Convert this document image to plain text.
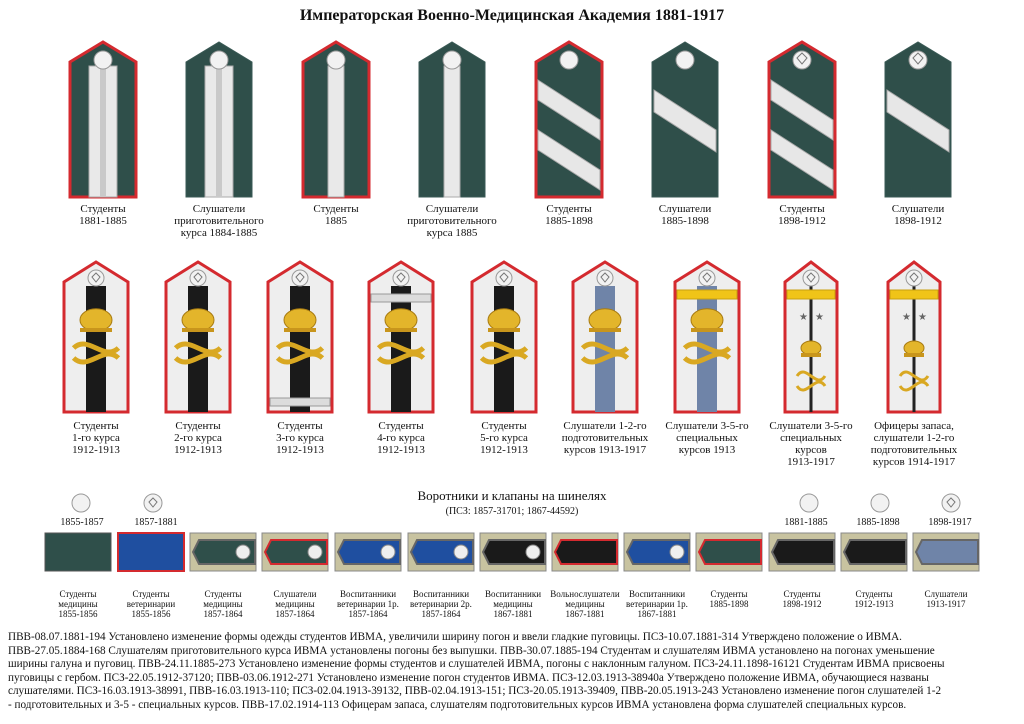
Императорская Военно-Медицинская Академия 1881-1917
Студенты
1881-1885
Слушатели
приготовительного
курса 1884-1885
Студенты
1885
Слушатели
приготовительного
курса 1885
Студенты
1885-1898
Слушатели
1885-1898
Студенты
1898-1912
Слушатели
1898-1912
Студенты
1-го курса
1912-1913
Студенты
2-го курса
1912-1913
Студенты
3-го курса
1912-1913
Студенты
4-го курса
1912-1913
Студенты
5-го курса
1912-1913
Слушатели 1-2-го
подготовительных
курсов 1913-1917
Слушатели 3-5-го
специальных
курсов 1913
★ ★
Слушатели 3-5-го
специальных
курсов
1913-1917
★ ★
Офицеры запаса,
слушатели 1-2-го
подготовительных
курсов 1914-1917
Воротники и клапаны на шинелях
(ПСЗ: 1857-31701; 1867-44592)
Студенты
медицины
1855-1856
Студенты
ветеринарии
1855-1856
Студенты
медицины
1857-1864
Слушатели
медицины
1857-1864
Воспитанники
ветеринарии 1р.
1857-1864
Воспитанники
ветеринарии 2р.
1857-1864
Воспитанники
медицины
1867-1881
Вольнослушатели
медицины
1867-1881
Воспитанники
ветеринарии 1р.
1867-1881
Студенты
1885-1898
Студенты
1898-1912
Студенты
1912-1913
Слушатели
1913-1917
1855-1857	1857-1881	1881-1885	1885-1898	1898-1917
ПВВ-08.07.1881-194 Установлено изменение формы одежды студентов ИВМА, увеличили ширину погон и ввели гладкие пуговицы. ПСЗ-10.07.1881-314 Утверждено положение о ИВМА.
ПВВ-27.05.1884-168 Слушателям приготовительного курса ИВМА установлены погоны без выпушки. ПВВ-30.07.1885-194 Студентам и слушателям ИВМА установлено на погонах уменьшение
ширины галуна и пуговиц. ПВВ-24.11.1885-273 Установлено изменение формы студентов и слушателей ИВМА, погоны с наклонным галуном. ПСЗ-24.11.1898-16121 Студентам ИВМА присвоены
пуговицы с гербом. ПСЗ-22.05.1912-37120; ПВВ-03.06.1912-271 Установлено изменение погон студентов ИВМА. ПСЗ-12.03.1913-38940а Утверждено положение ИВМА, обучающиеся названы
слушателями. ПСЗ-16.03.1913-38991, ПВВ-16.03.1913-110; ПСЗ-02.04.1913-39132, ПВВ-02.04.1913-151; ПСЗ-20.05.1913-39409, ПВВ-20.05.1913-243 Установлено изменение погон слушателей 1-2
- подготовительных и 3-5 - специальных курсов. ПВВ-17.02.1914-113 Офицерам запаса, слушателям подготовительных курсов ИВМА установлена форма слушателей специальных курсов.
